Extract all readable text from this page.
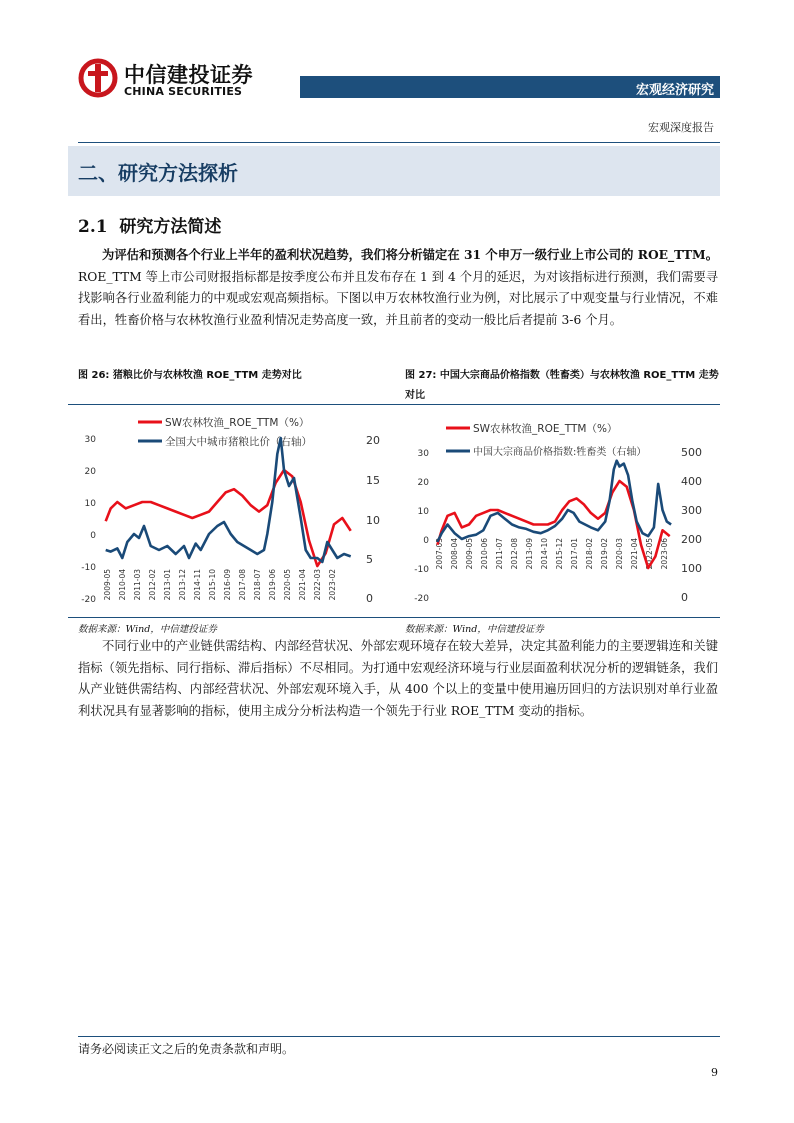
中信建投证券
CHINA SECURITIES	宏观经济研究
宏观深度报告
二、研究方法探析
2.1 研究方法简述
为评估和预测各个行业上半年的盈利状况趋势，我们将分析锚定在 31 个申万一级行业上市公司的 ROE_TTM。ROE_TTM 等上市公司财报指标都是按季度公布并且发布存在 1 到 4 个月的延迟，为对该指标进行预测，我们需要寻找影响各行业盈利能力的中观或宏观高频指标。下图以申万农林牧渔行业为例，对比展示了中观变量与行业情况，不难看出，牲畜价格与农林牧渔行业盈利情况走势高度一致，并且前者的变动一般比后者提前 3-6 个月。
图 26: 猪粮比价与农林牧渔 ROE_TTM 走势对比	图 27: 中国大宗商品价格指数（牲畜类）与农林牧渔 ROE_TTM 走势对比
30
20
10
0
-10
-20
20
15
10
5
0
2009-05 2010-04 2011-03 2012-02 2013-01 2013-12 2014-11 2015-10 2016-09 2017-08 2018-07 2019-06 2020-05 2021-04 2022-03 2023-02
SW农林牧渔_ROE_TTM（%）
全国大中城市猪粮比价（右轴）
30
20
10
0
-10
-20
500
400
300
200
100
0
2007-03 2008-04 2009-05 2010-06 2011-07 2012-08 2013-09 2014-10 2015-12 2017-01 2018-02 2019-02 2020-03 2021-04 2022-05 2023-06
SW农林牧渔_ROE_TTM（%）
中国大宗商品价格指数:牲畜类（右轴）
数据来源：Wind，中信建投证券	数据来源：Wind，中信建投证券
不同行业中的产业链供需结构、内部经营状况、外部宏观环境存在较大差异，决定其盈利能力的主要逻辑连和关键指标（领先指标、同行指标、滞后指标）不尽相同。为打通中宏观经济环境与行业层面盈利状况分析的逻辑链条，我们从产业链供需结构、内部经营状况、外部宏观环境入手，从 400 个以上的变量中使用遍历回归的方法识别对单行业盈利状况具有显著影响的指标，使用主成分分析法构造一个领先于行业 ROE_TTM 变动的指标。
请务必阅读正文之后的免责条款和声明。
9
